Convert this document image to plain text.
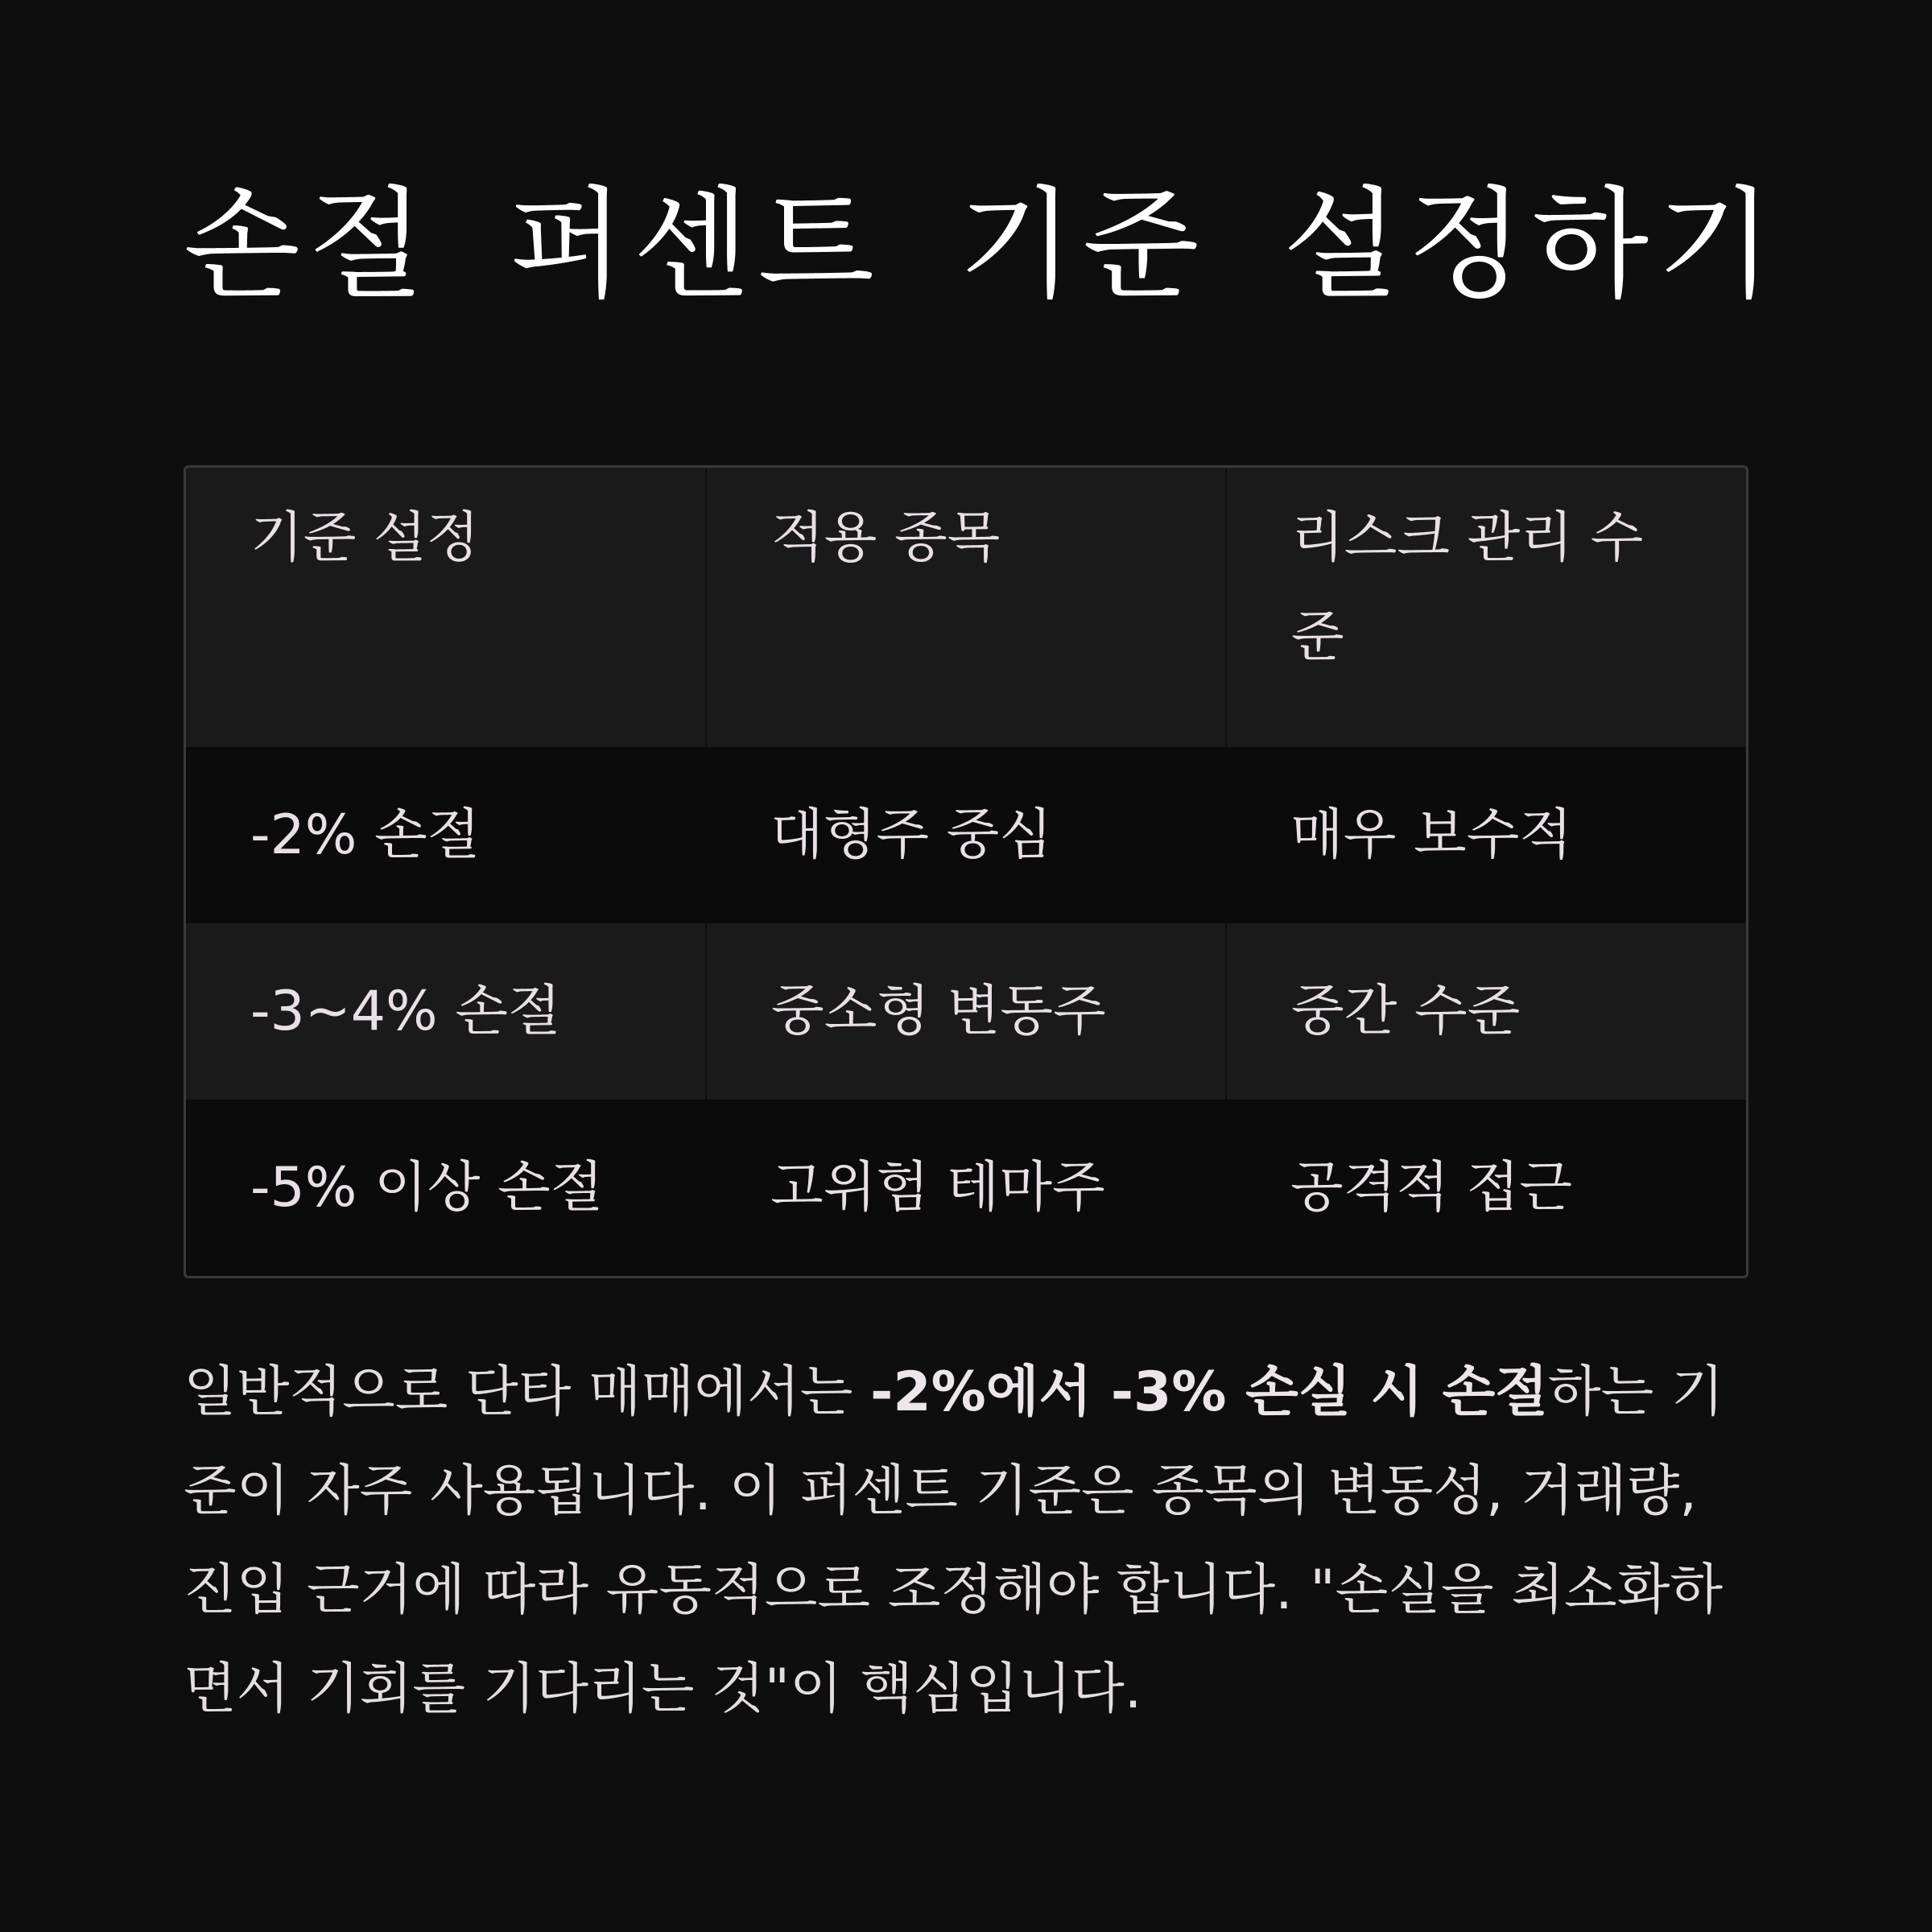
손절 퍼센트 기준 설정하기
기준 설정	적용 종목	리스크 관리 수준
-2% 손절	대형주 중심	매우 보수적
-3~4% 손절	중소형 변동주	중간 수준
-5% 이상 손절	고위험 테마주	공격적 접근

일반적으로 단타 매매에서는 -2%에서 -3% 손실 시 손절하는 기준이 자주 사용됩니다. 이 퍼센트 기준은 종목의 변동성, 거래량, 진입 근거에 따라 유동적으로 조정해야 합니다. "손실을 최소화하면서 기회를 기다리는 것"이 핵심입니다.
